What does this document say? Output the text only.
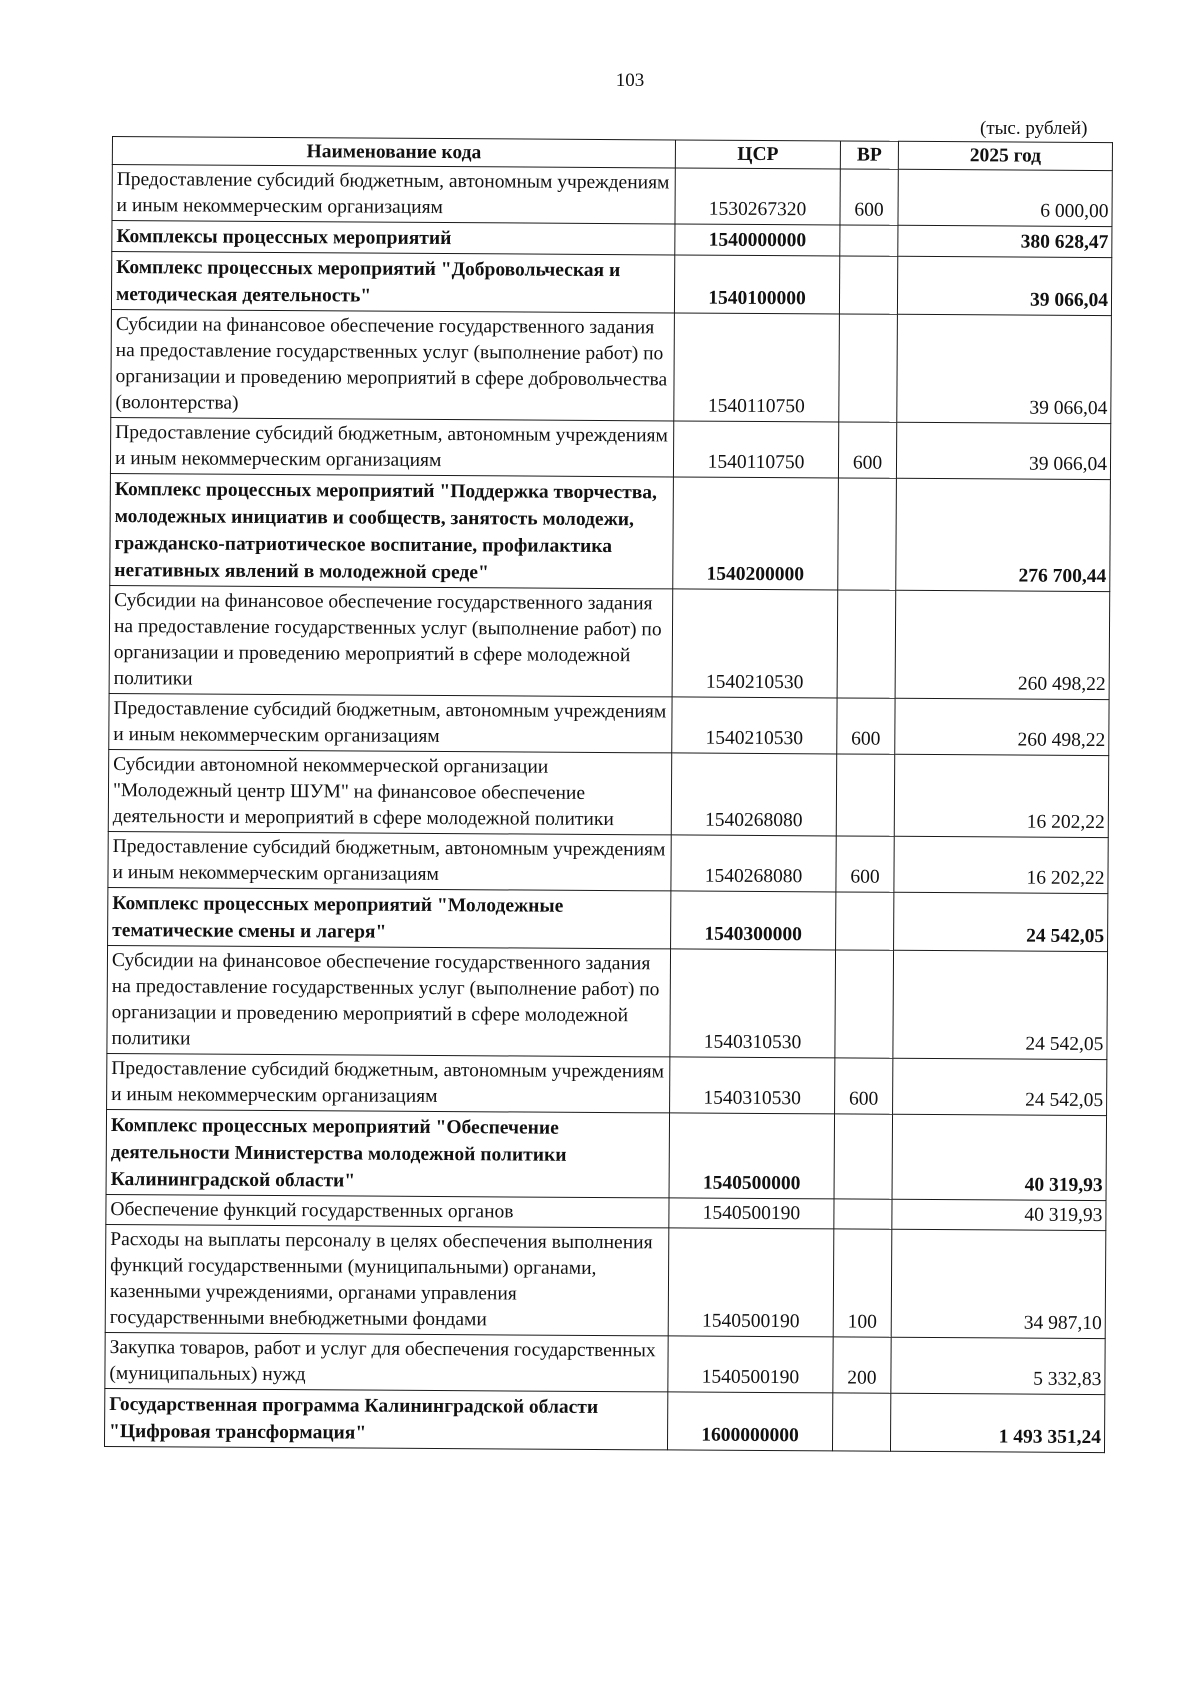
103
(тыс. рублей)
Наименование кода	ЦСР	ВР	2025 год
Предоставление субсидий бюджетным, автономным учреждениям и иным некоммерческим организациям	1530267320	600	6 000,00
Комплексы процессных мероприятий	1540000000		380 628,47
Комплекс процессных мероприятий "Добровольческая и методическая деятельность"	1540100000		39 066,04
Субсидии на финансовое обеспечение государственного задания на предоставление государственных услуг (выполнение работ) по организации и проведению мероприятий в сфере добровольчества (волонтерства)	1540110750		39 066,04
Предоставление субсидий бюджетным, автономным учреждениям и иным некоммерческим организациям	1540110750	600	39 066,04
Комплекс процессных мероприятий "Поддержка творчества, молодежных инициатив и сообществ, занятость молодежи, гражданско-патриотическое воспитание, профилактика негативных явлений в молодежной среде"	1540200000		276 700,44
Субсидии на финансовое обеспечение государственного задания на предоставление государственных услуг (выполнение работ) по организации и проведению мероприятий в сфере молодежной политики	1540210530		260 498,22
Предоставление субсидий бюджетным, автономным учреждениям и иным некоммерческим организациям	1540210530	600	260 498,22
Субсидии автономной некоммерческой организации "Молодежный центр ШУМ" на финансовое обеспечение деятельности и мероприятий в сфере молодежной политики	1540268080		16 202,22
Предоставление субсидий бюджетным, автономным учреждениям и иным некоммерческим организациям	1540268080	600	16 202,22
Комплекс процессных мероприятий "Молодежные тематические смены и лагеря"	1540300000		24 542,05
Субсидии на финансовое обеспечение государственного задания на предоставление государственных услуг (выполнение работ) по организации и проведению мероприятий в сфере молодежной политики	1540310530		24 542,05
Предоставление субсидий бюджетным, автономным учреждениям и иным некоммерческим организациям	1540310530	600	24 542,05
Комплекс процессных мероприятий "Обеспечение деятельности Министерства молодежной политики Калининградской области"	1540500000		40 319,93
Обеспечение функций государственных органов	1540500190		40 319,93
Расходы на выплаты персоналу в целях обеспечения выполнения функций государственными (муниципальными) органами, казенными учреждениями, органами управления государственными внебюджетными фондами	1540500190	100	34 987,10
Закупка товаров, работ и услуг для обеспечения государственных (муниципальных) нужд	1540500190	200	5 332,83
Государственная программа Калининградской области "Цифровая трансформация"	1600000000		1 493 351,24
